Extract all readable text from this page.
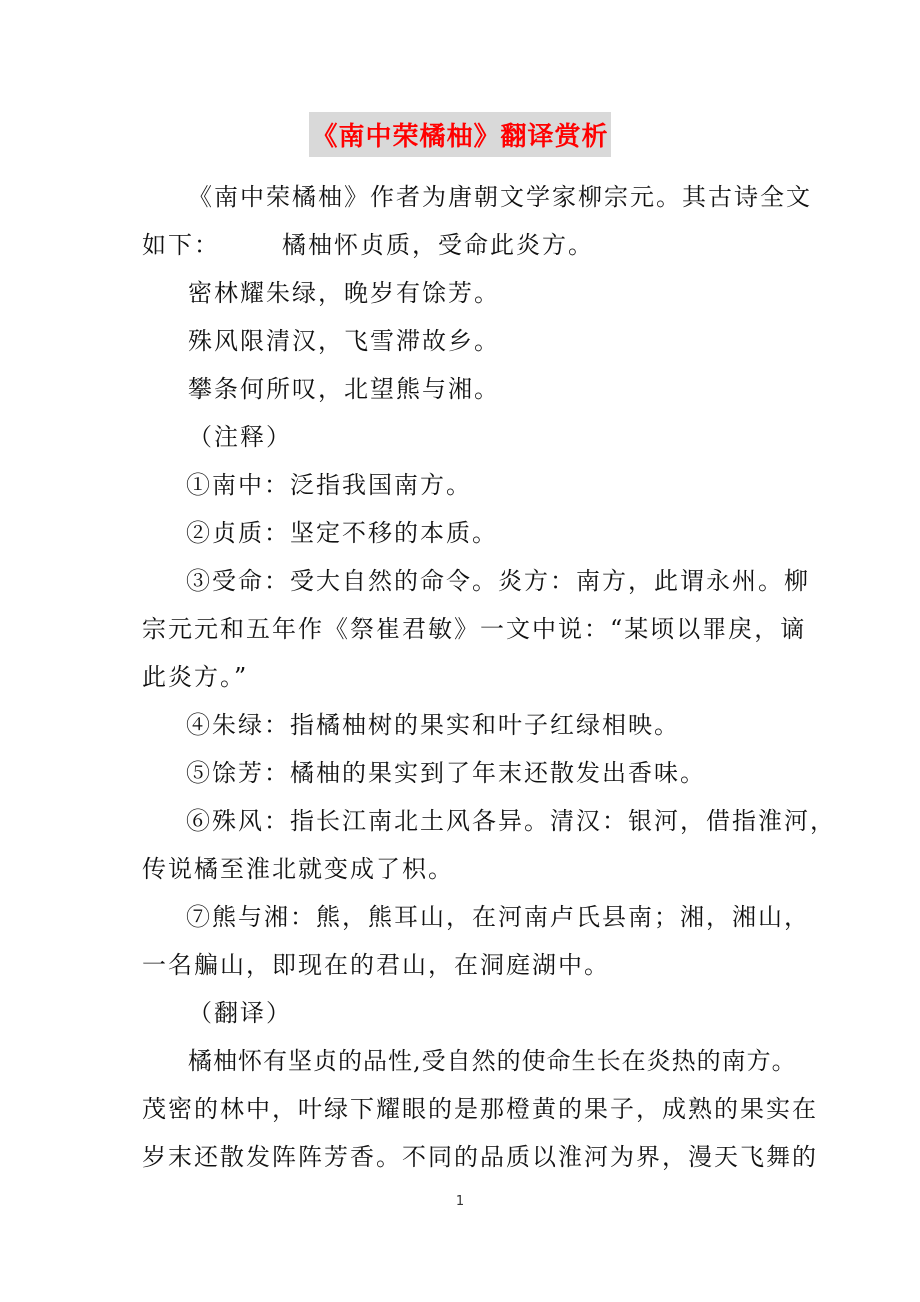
《南中荣橘柚》翻译赏析
《南中荣橘柚》作者为唐朝文学家柳宗元。其古诗全文
如下：	橘柚怀贞质，受命此炎方。
密林耀朱绿，晚岁有馀芳。
殊风限清汉，飞雪滞故乡。
攀条何所叹，北望熊与湘。
（注释）
①南中：泛指我国南方。
②贞质：坚定不移的本质。
③受命：受大自然的命令。炎方：南方，此谓永州。柳
宗元元和五年作《祭崔君敏》一文中说：“某顷以罪戾，谪
此炎方。”
④朱绿：指橘柚树的果实和叶子红绿相映。
⑤馀芳：橘柚的果实到了年末还散发出香味。
⑥殊风：指长江南北土风各异。清汉：银河，借指淮河，
传说橘至淮北就变成了枳。
⑦熊与湘：熊，熊耳山，在河南卢氏县南；湘，湘山，
一名艑山，即现在的君山，在洞庭湖中。
（翻译）
橘柚怀有坚贞的品性,受自然的使命生长在炎热的南方。
茂密的林中，叶绿下耀眼的是那橙黄的果子，成熟的果实在
岁末还散发阵阵芳香。不同的品质以淮河为界，漫天飞舞的
1
